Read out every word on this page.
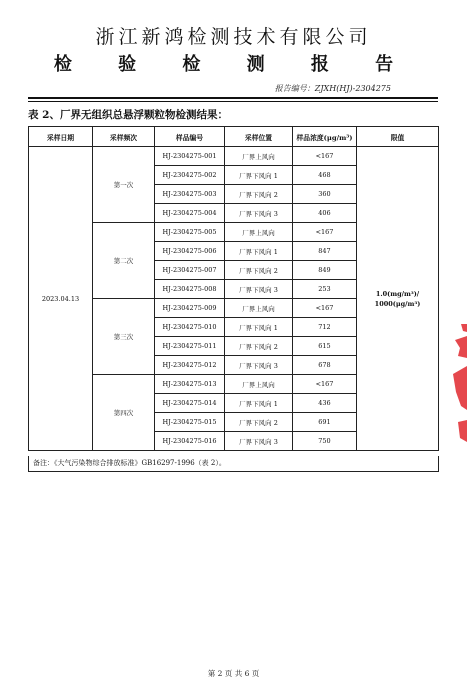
浙江新鸿检测技术有限公司
检 验 检 测 报 告
报告编号：ZJXH(HJ)-2304275
表 2、厂界无组织总悬浮颗粒物检测结果：
采样日期	采样频次	样品编号	采样位置	样品浓度(μg/m³)	限值
2023.04.13	第一次	HJ-2304275-001	厂界上风向	<167	1.0(mg/m³)/ 1000(μg/m³)
		HJ-2304275-002	厂界下风向 1	468	
		HJ-2304275-003	厂界下风向 2	360	
		HJ-2304275-004	厂界下风向 3	406	
	第二次	HJ-2304275-005	厂界上风向	<167	
		HJ-2304275-006	厂界下风向 1	847	
		HJ-2304275-007	厂界下风向 2	849	
		HJ-2304275-008	厂界下风向 3	253	
	第三次	HJ-2304275-009	厂界上风向	<167	
		HJ-2304275-010	厂界下风向 1	712	
		HJ-2304275-011	厂界下风向 2	615	
		HJ-2304275-012	厂界下风向 3	678	
	第四次	HJ-2304275-013	厂界上风向	<167	
		HJ-2304275-014	厂界下风向 1	436	
		HJ-2304275-015	厂界下风向 2	691	
		HJ-2304275-016	厂界下风向 3	750	
备注：《大气污染物综合排放标准》GB16297-1996（表 2）。
第 2 页 共 6 页
